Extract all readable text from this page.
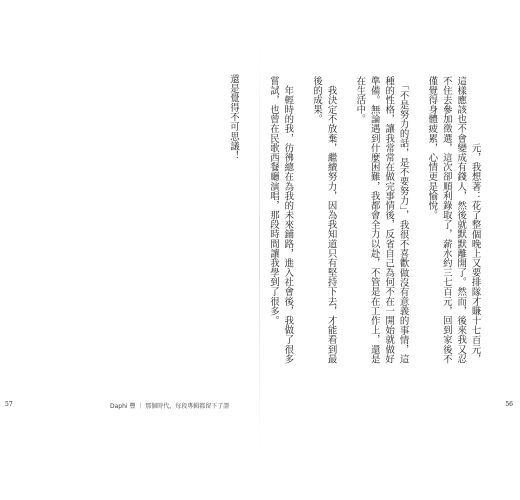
還是覺得不可思議！
57	Daphi 豐 ｜ 那個時代，每段專輯都留下了證

元，我想著：花了整個晚上又要排隊才賺十七百元，這樣應該也不會變成有錢人，然後就默默離開了。然而，後來我又忍不住去參加徵選，這次卻順利錄取了，薪水約三七百元，回到家後不僅覺得身體疲累，心情更是愉悅。

　「不是努力的話，是不要努力」，我很不喜歡做沒有意義的事情，這種的性格，讓我常常在做完事情後，反省自己為何不在一開始就做好準備。無論遇到什麼困難，我都會全力以赴，不管是在工作上，還是在生活中。

　我決定不放棄，繼續努力，因為我知道只有堅持下去，才能看到最後的成果。

　年輕時的我，彷彿總在為我的未來鋪路，進入社會後，我做了很多嘗試，也曾在民歌西餐廳演唱，那段時間讓我學到了很多。

56
